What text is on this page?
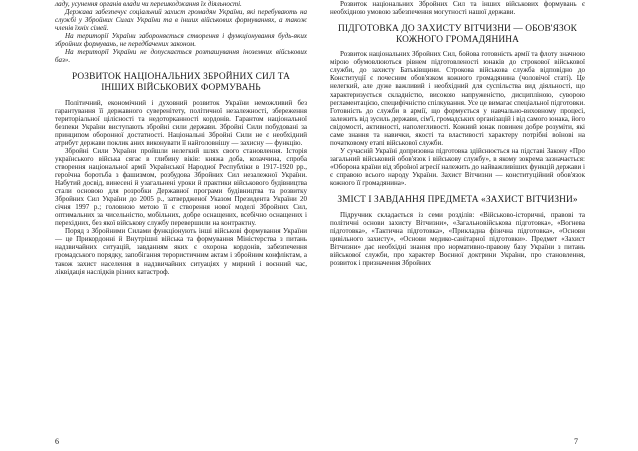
ладу, усунення органів влади чи перешкоджання їх діяльності.

Держава забезпечує соціальний захист громадян України, які перебувають на службі у Збройних Силах України та в інших військових формуваннях, а також членів їхніх сімей.

На території України забороняється створення і функціонування будь-яких збройних формувань, не передбачених законом.

На території України не допускається розташування іноземних військових баз».

РОЗВИТОК НАЦІОНАЛЬНИХ ЗБРОЙНИХ СИЛ ТА ІНШИХ ВІЙСЬКОВИХ ФОРМУВАНЬ

Політичний, економічний і духовний розвиток України неможливий без гарантування її державного суверенітету, політичної незалежності, збереження територіальної цілісності та недоторканності кордонів. Гарантом національної безпеки України виступають збройні сили держави. Збройні Сили побудовані за принципом оборонної достатності. Національні Збройні Сили не є необхідний атрибут держави поклик аних виконувати її найголовнішу — захисну — функцію.

Збройні Сили України пройшли нелегкий шлях свого становлення. Історія українського війська сягає в глибину віків: княжа доба, козаччина, спроба створення національної армії Української Народної Республіки в 1917-1920 рр., героїчна боротьба з фашизмом, розбудова Збройних Сил незалежної України. Набутий досвід, винесені й узагальнені уроки й практики військового будівництва стали основою для розробки Державної програми будівництва та розвитку Збройних Сил України до 2005 р., затвердженої Указом Президента України 20 січня 1997 р.; головною метою її є створення нової моделі Збройних Сил, оптимальних за чисельністю, мобільних, добре оснащених, всебічно оснащених і перехідних, без якої військову службу перевершили на контрактну.

Поряд з Збройними Силами функціонують інші військові формування України — це Прикордонні й Внутрішні війська та формування Міністерства з питань надзвичайних ситуацій, завданням яких є охорона кордонів, забезпечення громадського порядку, запобігання терористичним актам і збройним конфліктам, а також захист населення в надзвичайних ситуаціях у мирний і воєнний час, ліквідація наслідків різних катастроф.

6

Розвиток національних Збройних Сил та інших військових формувань є необхідною умовою забезпечення могутності нашої держави.

ПІДГОТОВКА ДО ЗАХИСТУ ВІТЧИЗНИ — ОБОВ'ЯЗОК КОЖНОГО ГРОМАДЯНИНА

Розвиток національних Збройних Сил, бойова готовність армії та флоту значною мірою обумовлюються рівнем підготовленості юнаків до строкової військової служби, до захисту Батьківщини. Строкова військова служба відповідно до Конституції є почесним обов'язком кожного громадянина (чоловічої статі). Це нелегкий, але дуже важливий і необхідний для суспільства вид діяльності, що характеризується складністю, високою напруженістю, дисципліною, суворою регламентацією, специфічністю спілкування. Усе це вимагає спеціальної підготовки. Готовність до служби в армії, що формується у навчально-виховному процесі, залежить від зусиль держави, сім'ї, громадських організацій і від самого юнака, його свідомості, активності, наполегливості. Кожний юнак повинен добре розуміти, які саме знання та навички, якості та властивості характеру потрібні воїнові на початковому етапі військової служби.

У сучасній Україні допризовна підготовка здійснюється на підставі Закону «Про загальний військовий обов'язок і військову службу», в якому зокрема зазначається: «Оборона країни від зброїної агресії належить до найважливіших функцій держави і є справою всього народу України. Захист Вітчизни — конституційний обов'язок кожного її громадянина».

ЗМІСТ І ЗАВДАННЯ ПРЕДМЕТА «ЗАХИСТ ВІТЧИЗНИ»

Підручник складається із семи розділів: «Військово-історичні, правові та політичні основи захисту Вітчизни», «Загальновійськова підготовка», «Вогнева підготовка», «Тактична підготовка», «Прикладна фізична підготовка», «Основи цивільного захисту», «Основи медико-санітарної підготовки». Предмет «Захист Вітчизни» дає необхідні знання про нормативно-правову базу України з питань військової служби, про характер Воєнної доктрини України, про становлення, розвиток і призначення Збройних

7
